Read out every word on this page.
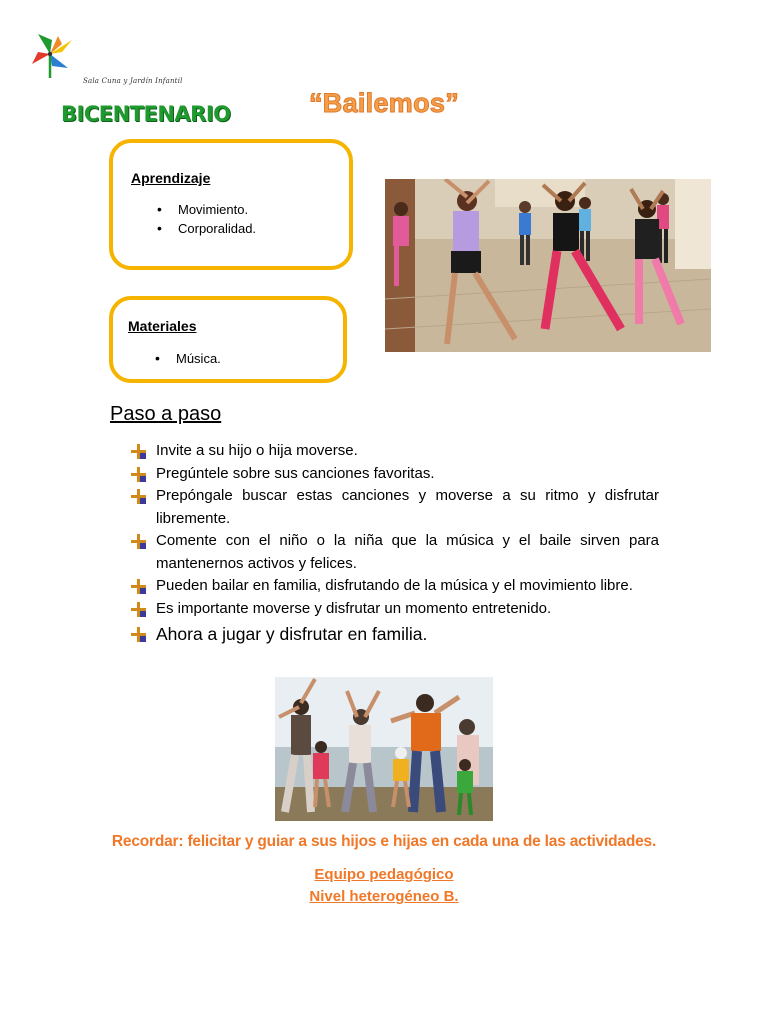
Sala Cuna y Jardín Infantil
BICENTENARIO	“Bailemos”
Aprendizaje
• Movimiento.
• Corporalidad.
Materiales
• Música.
Paso a paso
Invite a su hijo o hija moverse.
Pregúntele sobre sus canciones favoritas.
Prepóngale buscar estas canciones y moverse a su ritmo y disfrutar libremente.
Comente con el niño o la niña que la música y el baile sirven para mantenernos activos y felices.
Pueden bailar en familia, disfrutando de la música y el movimiento libre.
Es importante moverse y disfrutar un momento entretenido.
Ahora a jugar y disfrutar en familia.
Recordar: felicitar y guiar a sus hijos e hijas en cada una de las actividades.
Equipo pedagógico
Nivel heterogéneo B.
